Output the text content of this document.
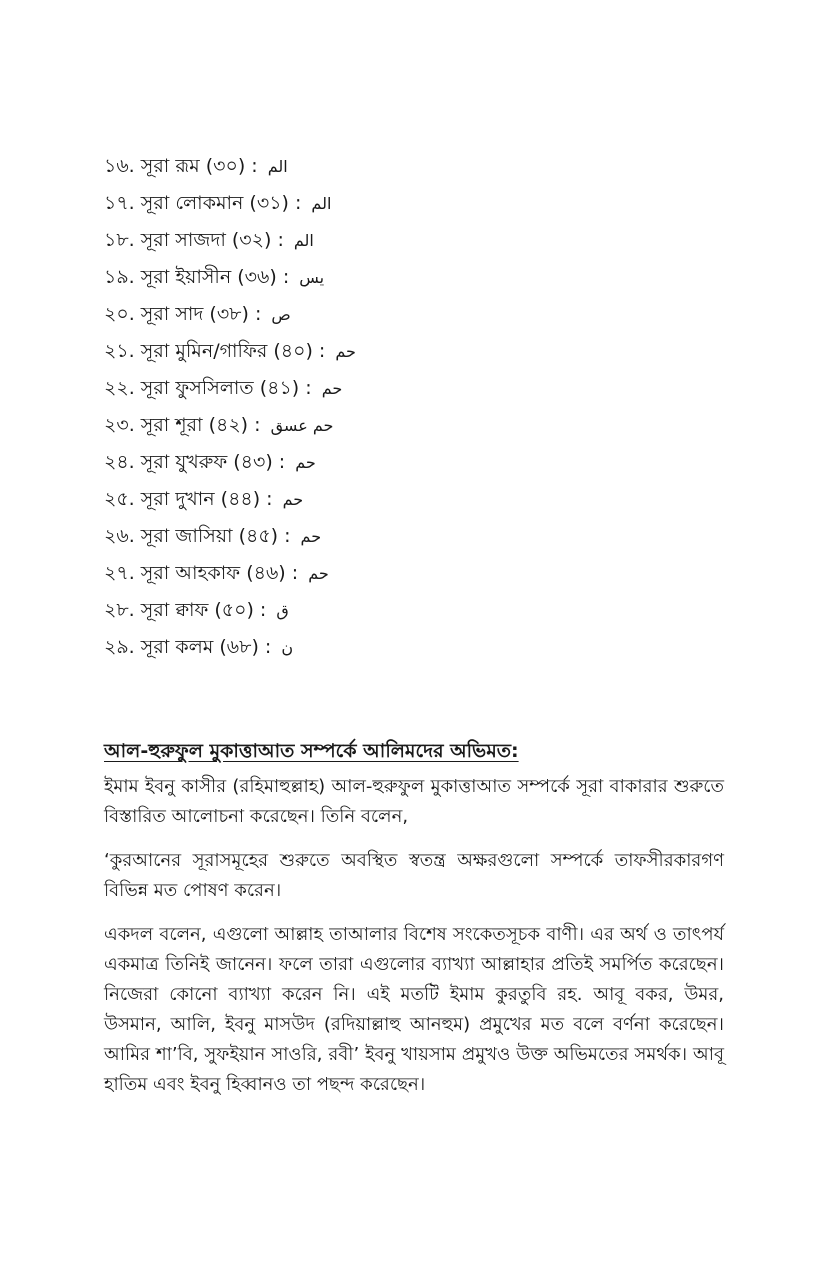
১৬. সূরা রূম (৩০) : الم
১৭. সূরা লোকমান (৩১) : الم
১৮. সূরা সাজদা (৩২) : الم
১৯. সূরা ইয়াসীন (৩৬) : يس
২০. সূরা সাদ (৩৮) : ص
২১. সূরা মুমিন/গাফির (৪০) : حم
২২. সূরা ফুসসিলাত (৪১) : حم
২৩. সূরা শূরা (৪২) : حم عسق
২৪. সূরা যুখরুফ (৪৩) : حم
২৫. সূরা দুখান (৪৪) : حم
২৬. সূরা জাসিয়া (৪৫) : حم
২৭. সূরা আহকাফ (৪৬) : حم
২৮. সূরা ক্বাফ (৫০) : ق
২৯. সূরা কলম (৬৮) : ن
আল-হুরুফুল মুকাত্তাআত সম্পর্কে আলিমদের অভিমত:

ইমাম ইবনু কাসীর (রহিমাহুল্লাহ) আল-হুরুফুল মুকাত্তাআত সম্পর্কে সূরা বাকারার শুরুতে বিস্তারিত আলোচনা করেছেন। তিনি বলেন,

‘কুরআনের সূরাসমূহের শুরুতে অবস্থিত স্বতন্ত্র অক্ষরগুলো সম্পর্কে তাফসীরকারগণ বিভিন্ন মত পোষণ করেন।

একদল বলেন, এগুলো আল্লাহ তাআলার বিশেষ সংকেতসূচক বাণী। এর অর্থ ও তাৎপর্য একমাত্র তিনিই জানেন। ফলে তারা এগুলোর ব্যাখ্যা আল্লাহার প্রতিই সমর্পিত করেছেন। নিজেরা কোনো ব্যাখ্যা করেন নি। এই মতটি ইমাম কুরতুবি রহ. আবূ বকর, উমর, উসমান, আলি, ইবনু মাসউদ (রদিয়াল্লাহু আনহুম) প্রমুখের মত বলে বর্ণনা করেছেন। আমির শা’বি, সুফইয়ান সাওরি, রবী’ ইবনু খায়সাম প্রমুখও উক্ত অভিমতের সমর্থক। আবূ হাতিম এবং ইবনু হিব্বানও তা পছন্দ করেছেন।
